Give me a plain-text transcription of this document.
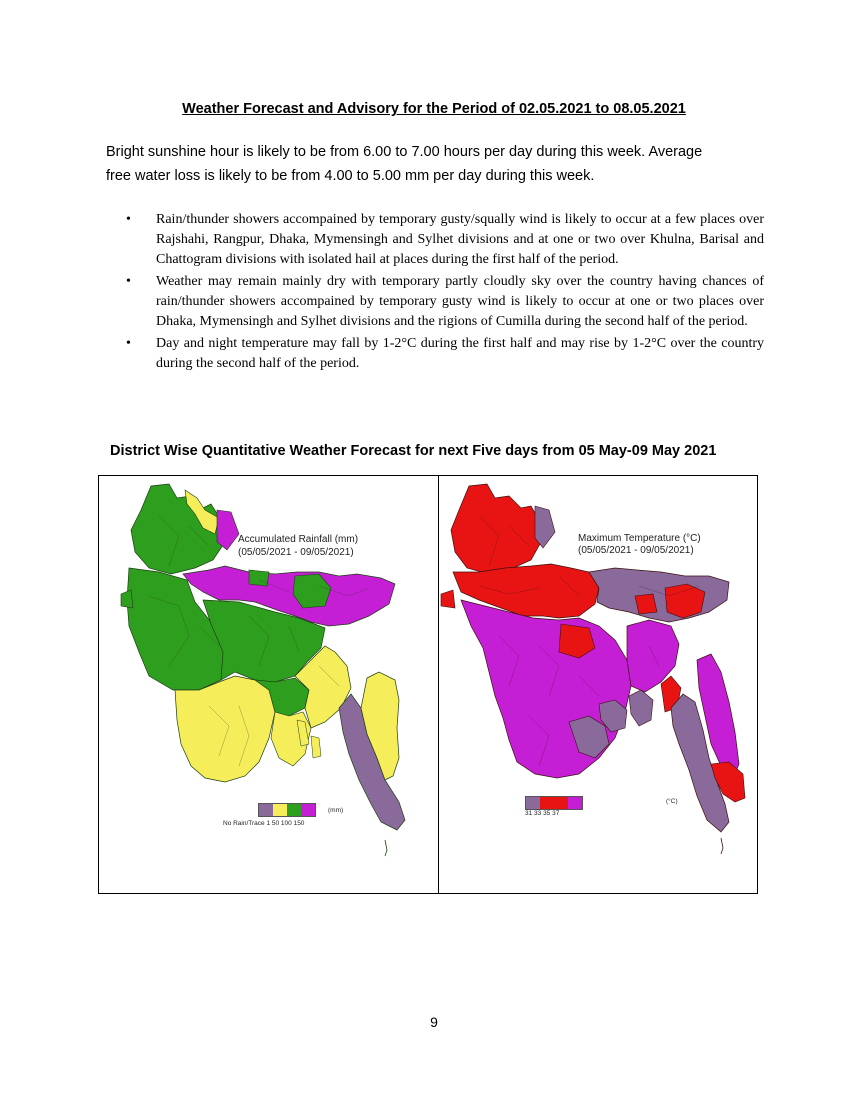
Weather Forecast and Advisory for the Period of 02.05.2021 to 08.05.2021

Bright sunshine hour is likely to be from 6.00 to 7.00 hours per day during this week. Average

free water loss is likely to be from 4.00 to 5.00 mm per day during this week.

• Rain/thunder showers accompained by temporary gusty/squally wind is likely to occur at a few places over Rajshahi, Rangpur, Dhaka, Mymensingh and Sylhet divisions and at one or two over Khulna, Barisal and Chattogram divisions with isolated hail at places during the first half of the period.
• Weather may remain mainly dry with temporary partly cloudly sky over the country having chances of rain/thunder showers accompained by temporary gusty wind is likely to occur at one or two places over Dhaka, Mymensingh and Sylhet divisions and the rigions of Cumilla during the second half of the period.
• Day and night temperature may fall by 1-2°C during the first half and may rise by 1-2°C over the country during the second half of the period.
District Wise Quantitative Weather Forecast for next Five days from 05 May-09 May 2021
Accumulated Rainfall (mm)
(05/05/2021 - 09/05/2021)
(mm)
No Rain/Trace 1 50 100 150
Maximum Temperature (°C)
(05/05/2021 - 09/05/2021)
(°C)
31 33 35 37
9
